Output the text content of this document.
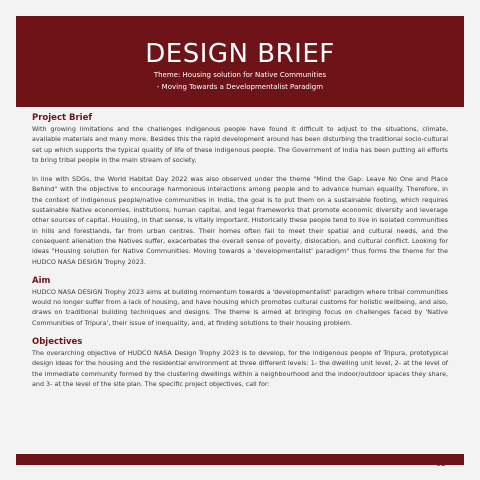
DESIGN BRIEF
Theme: Housing solution for Native Communities
- Moving Towards a Developmentalist Paradigm
Project Brief

With growing limitations and the challenges indigenous people have found it difficult to adjust to the situations, climate, available materials and many more. Besides this the rapid development around has been disturbing the traditional socio-cultural set up which supports the typical quality of life of these indigenous people. The Government of India has been putting all efforts to bring tribal people in the main stream of society.

In line with SDGs, the World Habitat Day 2022 was also observed under the theme "Mind the Gap: Leave No One and Place Behind" with the objective to encourage harmonious interactions among people and to advance human equality. Therefore, in the context of indigenous people/native communities in India, the goal is to put them on a sustainable footing, which requires sustainable Native economies, institutions, human capital, and legal frameworks that promote economic diversity and leverage other sources of capital. Housing, in that sense, is vitally important. Historically these people tend to live in isolated communities in hills and forestlands, far from urban centres. Their homes often fail to meet their spatial and cultural needs, and the consequent alienation the Natives suffer, exacerbates the overall sense of poverty, dislocation, and cultural conflict. Looking for ideas "Housing solution for Native Communities: Moving towards a 'developmentalist' paradigm" thus forms the theme for the HUDCO NASA DESIGN Trophy 2023.

Aim

HUDCO NASA DESIGN Trophy 2023 aims at building momentum towards a 'developmentalist' paradigm where tribal communities would no longer suffer from a lack of housing, and have housing which promotes cultural customs for holistic wellbeing, and also, draws on traditional building techniques and designs. The theme is aimed at bringing focus on challenges faced by 'Native Communities of Tripura', their issue of inequality, and, at finding solutions to their housing problem.

Objectives

The overarching objective of HUDCO NASA Design Trophy 2023 is to develop, for the indigenous people of Tripura, prototypical design ideas for the housing and the residential environment at three different levels: 1- the dwelling unit level, 2- at the level of the immediate community formed by the clustering dwellings within a neighbourhood and the indoor/outdoor spaces they share, and 3- at the level of the site plan. The specific project objectives, call for:

02
